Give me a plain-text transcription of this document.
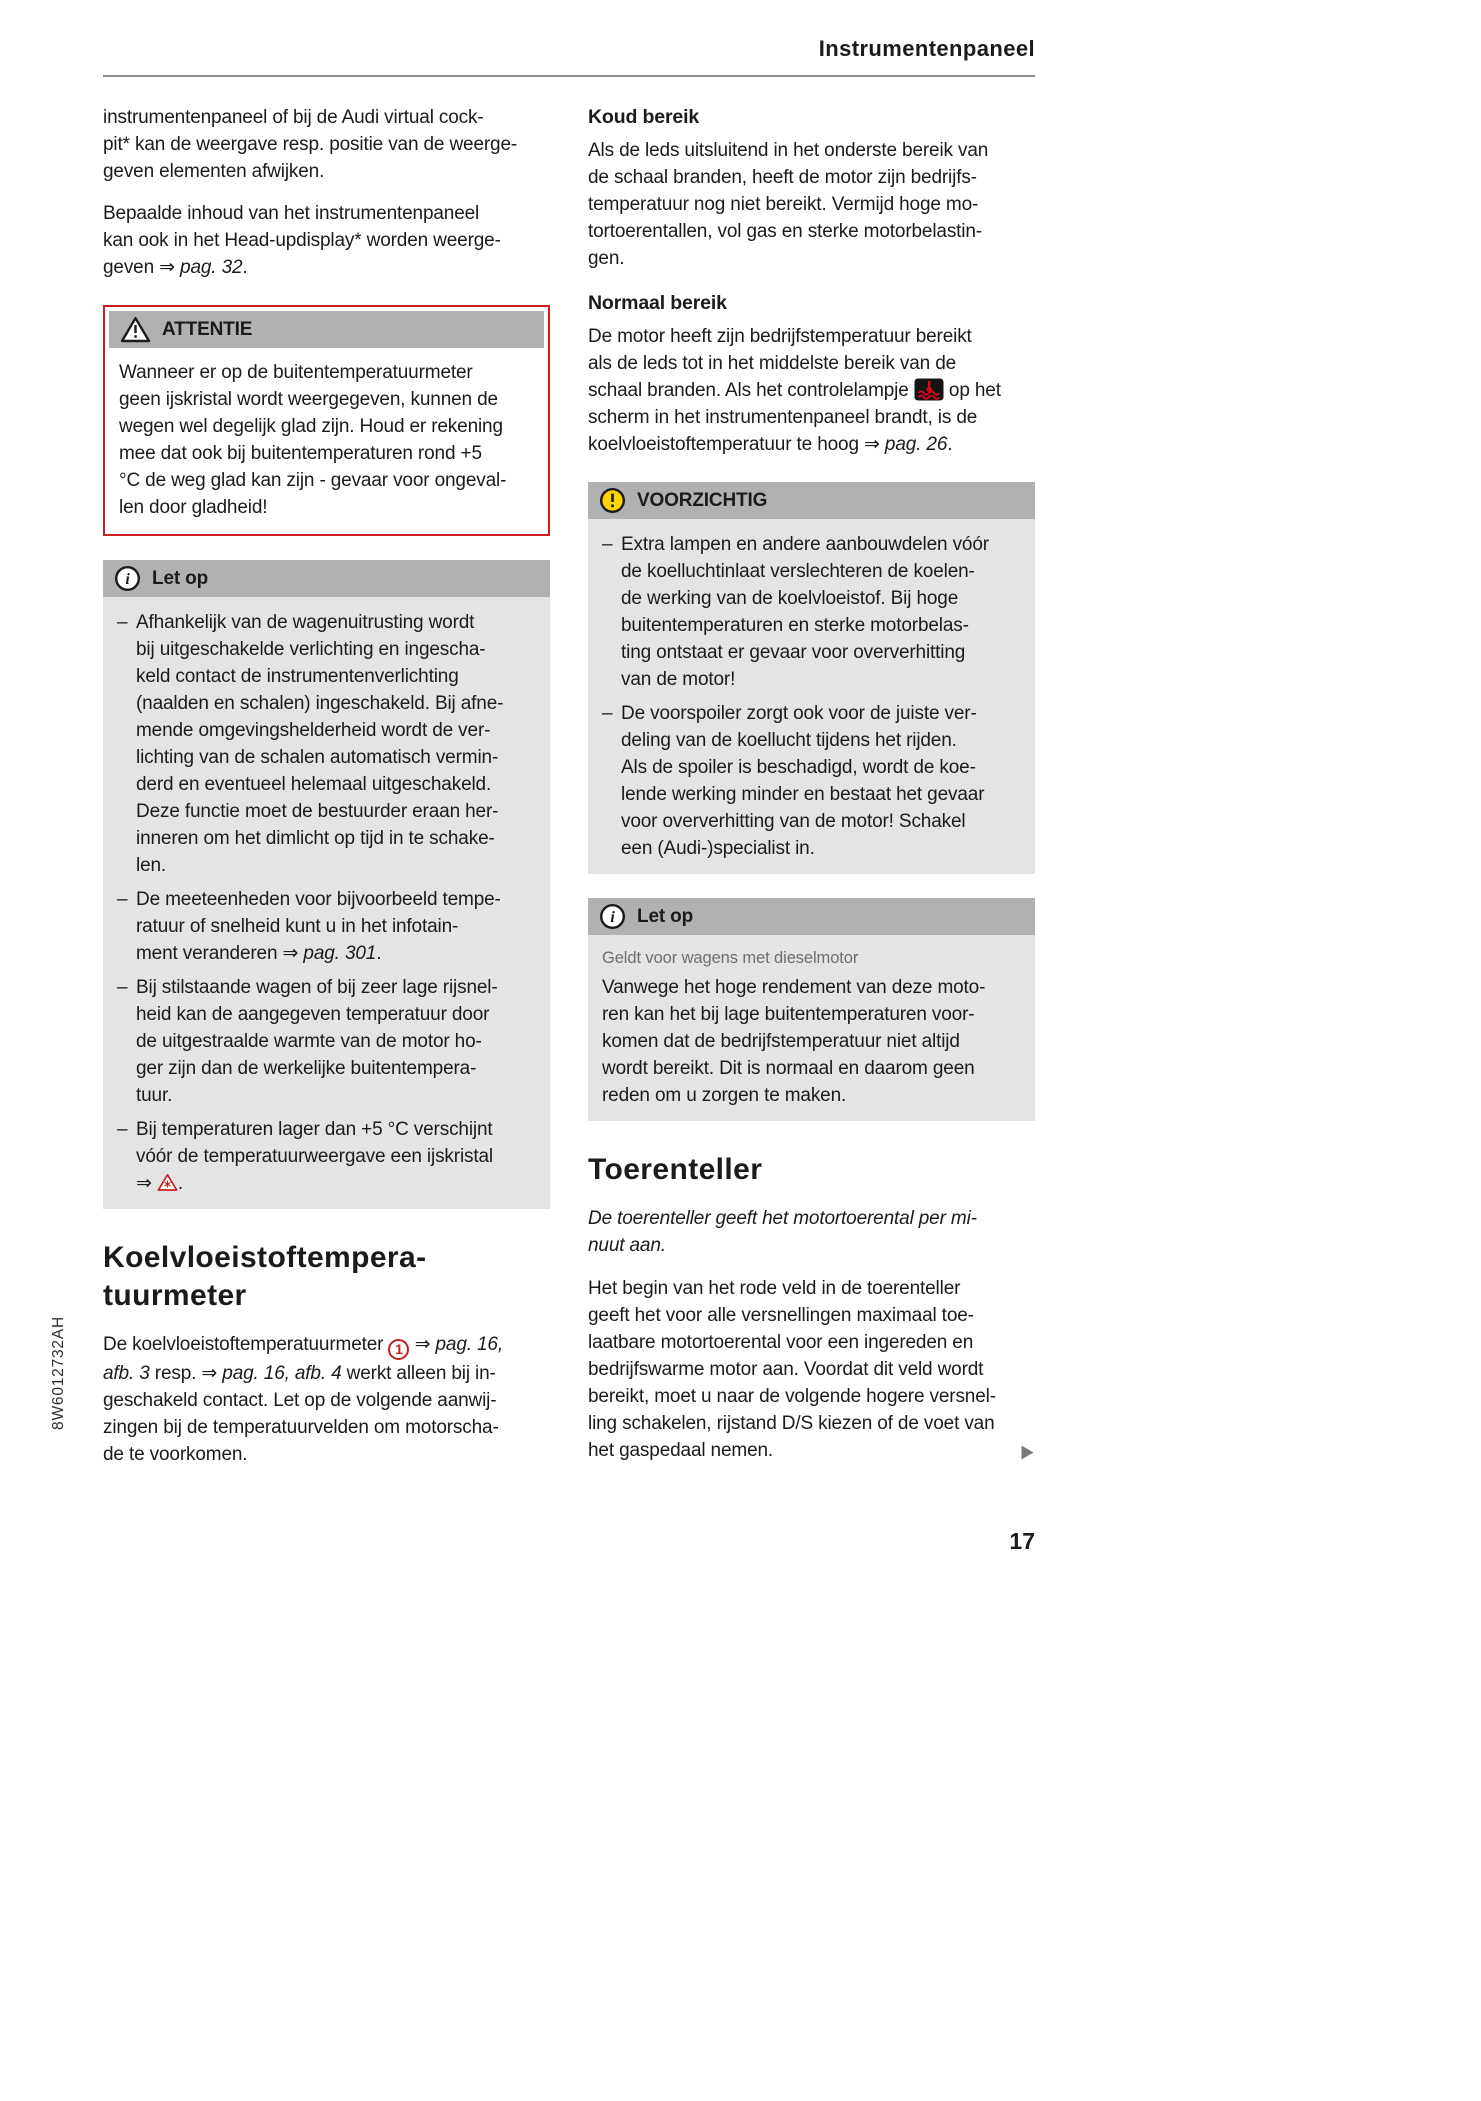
Instrumentenpaneel

instrumentenpaneel of bij de Audi virtual cock-
pit* kan de weergave resp. positie van de weerge-
geven elementen afwijken.

Bepaalde inhoud van het instrumentenpaneel
kan ook in het Head-updisplay* worden weerge-
geven ⇒ pag. 32.

ATTENTIE
Wanneer er op de buitentemperatuurmeter
geen ijskristal wordt weergegeven, kunnen de
wegen wel degelijk glad zijn. Houd er rekening
mee dat ook bij buitentemperaturen rond +5
°C de weg glad kan zijn - gevaar voor ongeval-
len door gladheid!
i Let op
– Afhankelijk van de wagenuitrusting wordt
bij uitgeschakelde verlichting en ingescha-
keld contact de instrumentenverlichting
(naalden en schalen) ingeschakeld. Bij afne-
mende omgevingshelderheid wordt de ver-
lichting van de schalen automatisch vermin-
derd en eventueel helemaal uitgeschakeld.
Deze functie moet de bestuurder eraan her-
inneren om het dimlicht op tijd in te schake-
len.
– De meeteenheden voor bijvoorbeeld tempe-
ratuur of snelheid kunt u in het infotain-
ment veranderen ⇒ pag. 301.
– Bij stilstaande wagen of bij zeer lage rijsnel-
heid kan de aangegeven temperatuur door
de uitgestraalde warmte van de motor ho-
ger zijn dan de werkelijke buitentempera-
tuur.
– Bij temperaturen lager dan +5 °C verschijnt
vóór de temperatuurweergave een ijskristal
⇒ .
Koelvloeistoftempera-
tuurmeter

De koelvloeistoftemperatuurmeter 1 ⇒ pag. 16,
afb. 3 resp. ⇒ pag. 16, afb. 4 werkt alleen bij in-
geschakeld contact. Let op de volgende aanwij-
zingen bij de temperatuurvelden om motorscha-
de te voorkomen.

Koud bereik

Als de leds uitsluitend in het onderste bereik van
de schaal branden, heeft de motor zijn bedrijfs-
temperatuur nog niet bereikt. Vermijd hoge mo-
tortoerentallen, vol gas en sterke motorbelastin-
gen.

Normaal bereik

De motor heeft zijn bedrijfstemperatuur bereikt
als de leds tot in het middelste bereik van de
schaal branden. Als het controlelampje  op het
scherm in het instrumentenpaneel brandt, is de
koelvloeistoftemperatuur te hoog ⇒ pag. 26.

VOORZICHTIG
– Extra lampen en andere aanbouwdelen vóór
de koelluchtinlaat verslechteren de koelen-
de werking van de koelvloeistof. Bij hoge
buitentemperaturen en sterke motorbelas-
ting ontstaat er gevaar voor oververhitting
van de motor!
– De voorspoiler zorgt ook voor de juiste ver-
deling van de koellucht tijdens het rijden.
Als de spoiler is beschadigd, wordt de koe-
lende werking minder en bestaat het gevaar
voor oververhitting van de motor! Schakel
een (Audi-)specialist in.
i Let op
Geldt voor wagens met dieselmotor
Vanwege het hoge rendement van deze moto-
ren kan het bij lage buitentemperaturen voor-
komen dat de bedrijfstemperatuur niet altijd
wordt bereikt. Dit is normaal en daarom geen
reden om u zorgen te maken.
Toerenteller

De toerenteller geeft het motortoerental per mi-
nuut aan.

Het begin van het rode veld in de toerenteller
geeft het voor alle versnellingen maximaal toe-
laatbare motortoerental voor een ingereden en
bedrijfswarme motor aan. Voordat dit veld wordt
bereikt, moet u naar de volgende hogere versnel-
ling schakelen, rijstand D/S kiezen of de voet van
het gaspedaal nemen.

8W6012732AH
17
